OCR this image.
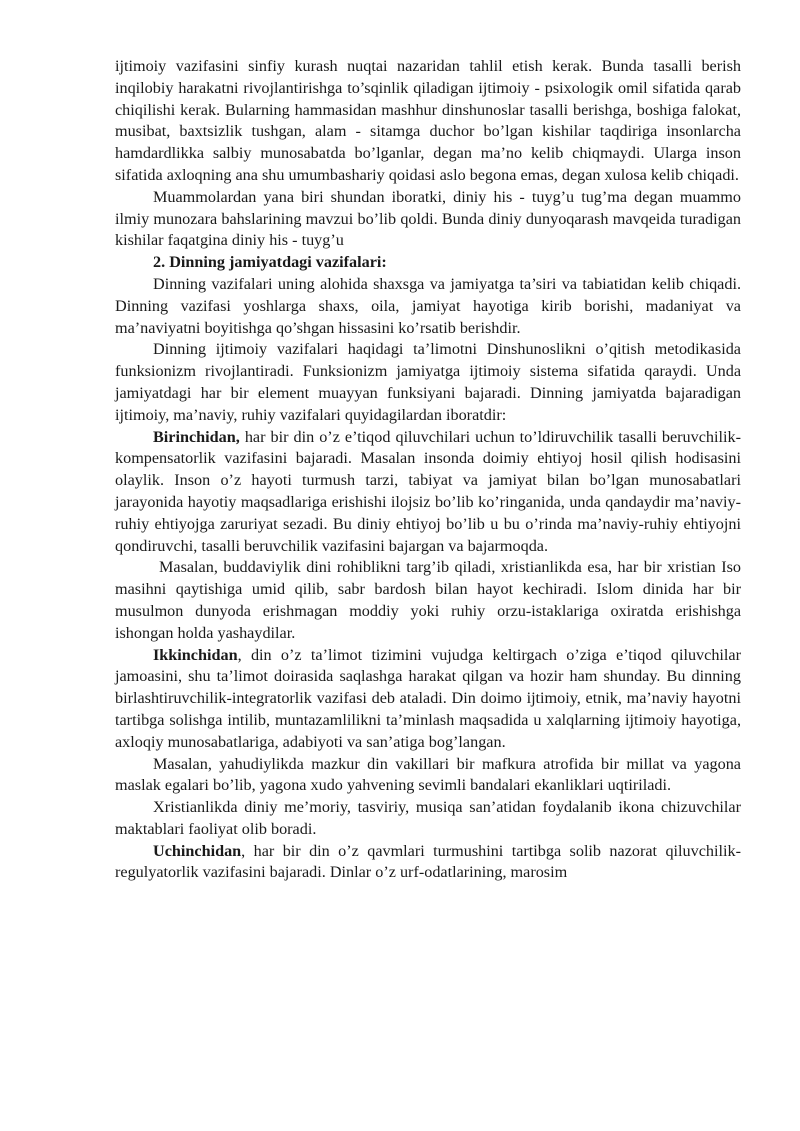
ijtimoiy vazifasini sinfiy kurash nuqtai nazaridan tahlil etish kerak. Bunda tasalli berish inqilobiy harakatni rivojlantirishga to’sqinlik qiladigan ijtimoiy - psixologik omil sifatida qarab chiqilishi kerak. Bularning hammasidan mashhur dinshunoslar tasalli berishga, boshiga falokat, musibat, baxtsizlik tushgan, alam - sitamga duchor bo’lgan kishilar taqdiriga insonlarcha hamdardlikka salbiy munosabatda bo’lganlar, degan ma’no kelib chiqmaydi. Ularga inson sifatida axloqning ana shu umumbashariy qoidasi aslo begona emas, degan xulosa kelib chiqadi.

Muammolardan yana biri shundan iboratki, diniy his - tuyg’u tug’ma degan muammo ilmiy munozara bahslarining mavzui bo’lib qoldi. Bunda diniy dunyoqarash mavqeida turadigan kishilar faqatgina diniy his - tuyg’u

2. Dinning jamiyatdagi vazifalari:

Dinning vazifalari uning alohida shaxsga va jamiyatga ta’siri va tabiatidan kelib chiqadi. Dinning vazifasi yoshlarga shaxs, oila, jamiyat hayotiga kirib borishi, madaniyat va ma’naviyatni boyitishga qo’shgan hissasini ko’rsatib berishdir.

Dinning ijtimoiy vazifalari haqidagi ta’limotni Dinshunoslikni o’qitish metodikasida funksionizm rivojlantiradi. Funksionizm jamiyatga ijtimoiy sistema sifatida qaraydi. Unda jamiyatdagi har bir element muayyan funksiyani bajaradi. Dinning jamiyatda bajaradigan ijtimoiy, ma’naviy, ruhiy vazifalari quyidagilardan iboratdir:

Birinchidan, har bir din o’z e’tiqod qiluvchilari uchun to’ldiruvchilik tasalli beruvchilik-kompensatorlik vazifasini bajaradi. Masalan insonda doimiy ehtiyoj hosil qilish hodisasini olaylik. Inson o’z hayoti turmush tarzi, tabiyat va jamiyat bilan bo’lgan munosabatlari jarayonida hayotiy maqsadlariga erishishi ilojsiz bo’lib ko’ringanida, unda qandaydir ma’naviy-ruhiy ehtiyojga zaruriyat sezadi. Bu diniy ehtiyoj bo’lib u bu o’rinda ma’naviy-ruhiy ehtiyojni qondiruvchi, tasalli beruvchilik vazifasini bajargan va bajarmoqda.

Masalan, buddaviylik dini rohiblikni targ’ib qiladi, xristianlikda esa, har bir xristian Iso masihni qaytishiga umid qilib, sabr bardosh bilan hayot kechiradi. Islom dinida har bir musulmon dunyoda erishmagan moddiy yoki ruhiy orzu-istaklariga oxiratda erishishga ishongan holda yashaydilar.

Ikkinchidan, din o’z ta’limot tizimini vujudga keltirgach o’ziga e’tiqod qiluvchilar jamoasini, shu ta’limot doirasida saqlashga harakat qilgan va hozir ham shunday. Bu dinning birlashtiruvchilik-integratorlik vazifasi deb ataladi. Din doimo ijtimoiy, etnik, ma’naviy hayotni tartibga solishga intilib, muntazamlilikni ta’minlash maqsadida u xalqlarning ijtimoiy hayotiga, axloqiy munosabatlariga, adabiyoti va san’atiga bog’langan.

Masalan, yahudiylikda mazkur din vakillari bir mafkura atrofida bir millat va yagona maslak egalari bo’lib, yagona xudo yahvening sevimli bandalari ekanliklari uqtiriladi.

Xristianlikda diniy me’moriy, tasviriy, musiqa san’atidan foydalanib ikona chizuvchilar maktablari faoliyat olib boradi.

Uchinchidan, har bir din o’z qavmlari turmushini tartibga solib nazorat qiluvchilik-regulyatorlik vazifasini bajaradi. Dinlar o’z urf-odatlarining, marosim
